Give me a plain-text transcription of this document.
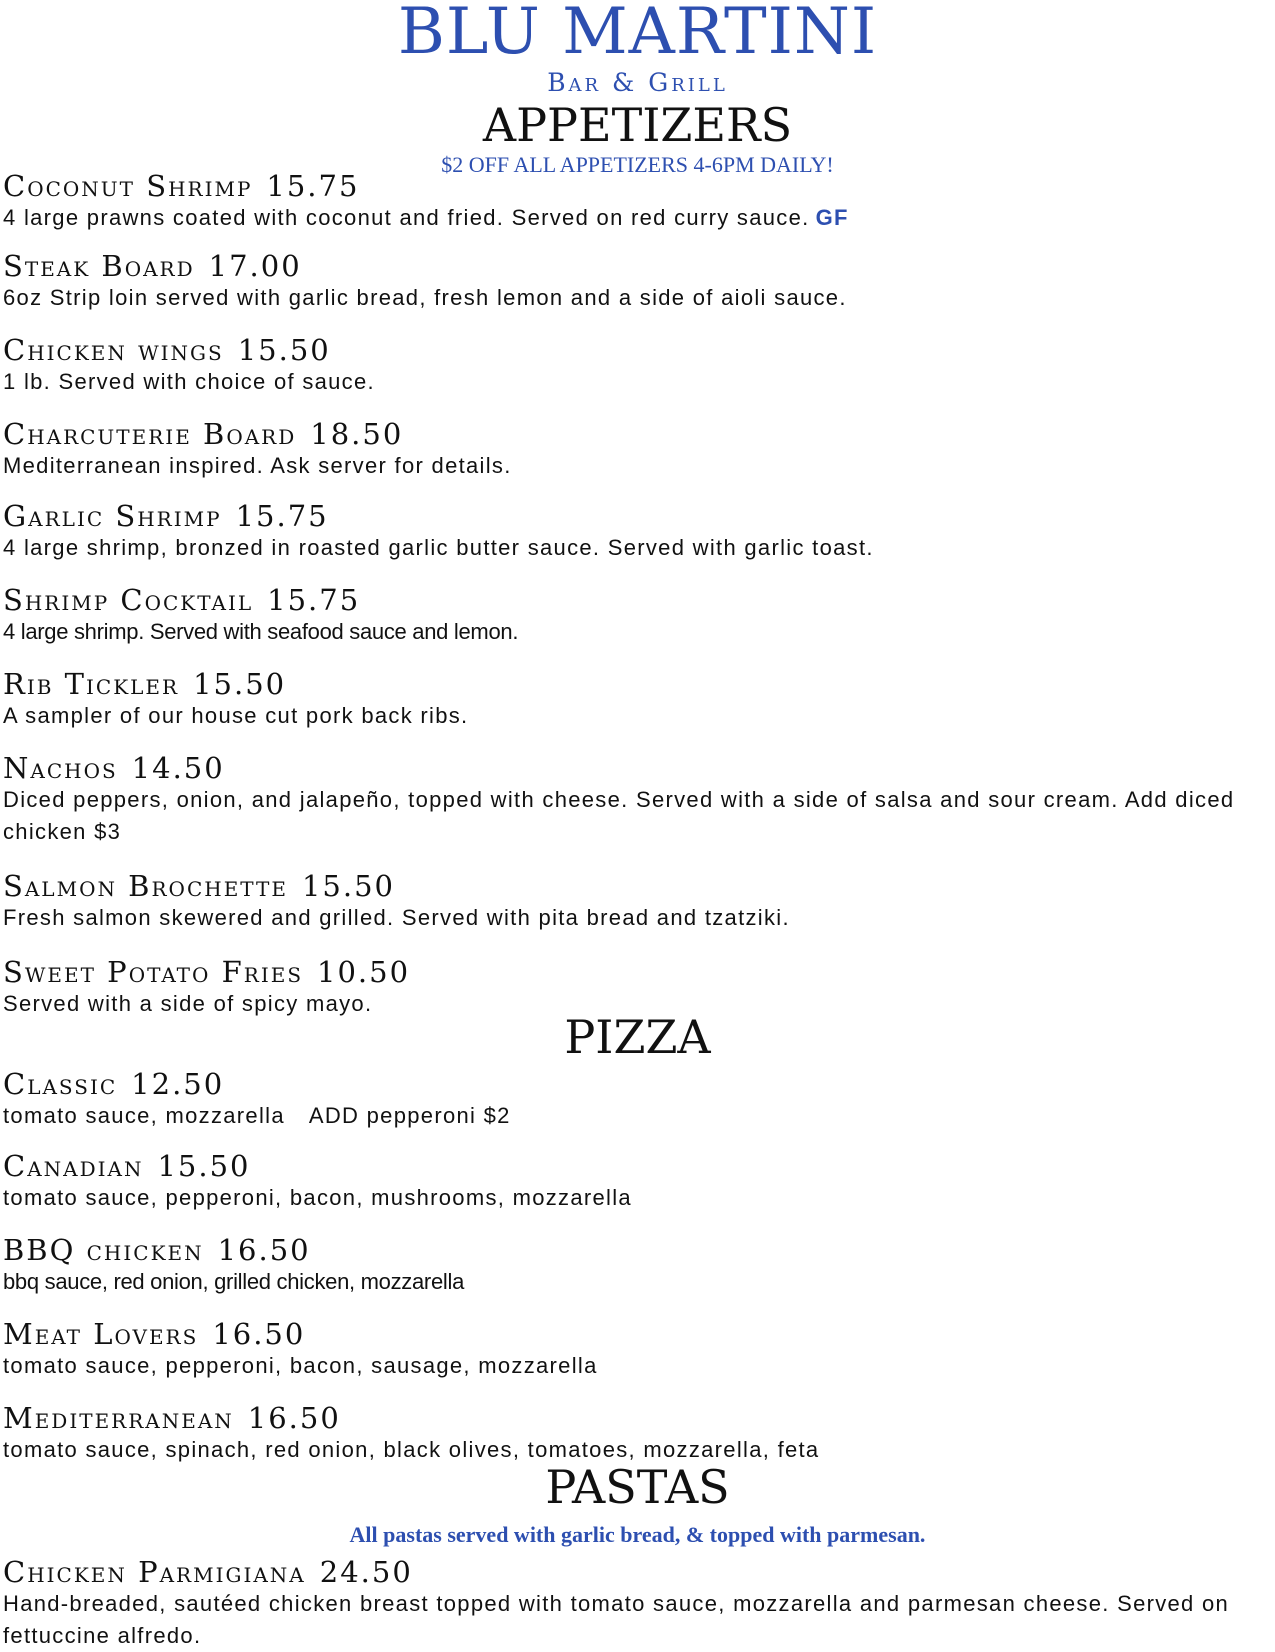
BLU MARTINI
Bar & Grill
APPETIZERS
$2 OFF ALL APPETIZERS 4-6PM DAILY!
Coconut Shrimp 15.75
4 large prawns coated with coconut and fried. Served on red curry sauce. GF
Steak Board 17.00
6oz Strip loin served with garlic bread, fresh lemon and a side of aioli sauce.
Chicken wings 15.50
1 lb. Served with choice of sauce.
Charcuterie Board 18.50
Mediterranean inspired. Ask server for details.
Garlic Shrimp 15.75
4 large shrimp, bronzed in roasted garlic butter sauce. Served with garlic toast.
Shrimp Cocktail 15.75
4 large shrimp. Served with seafood sauce and lemon.
Rib Tickler 15.50
A sampler of our house cut pork back ribs.
Nachos 14.50
Diced peppers, onion, and jalapeño, topped with cheese. Served with a side of salsa and sour cream. Add diced chicken $3
Salmon Brochette 15.50
Fresh salmon skewered and grilled. Served with pita bread and tzatziki.
Sweet Potato Fries 10.50
Served with a side of spicy mayo.
PIZZA
Classic 12.50
tomato sauce, mozzarella ADD pepperoni $2
Canadian 15.50
tomato sauce, pepperoni, bacon, mushrooms, mozzarella
BBQ chicken 16.50
bbq sauce, red onion, grilled chicken, mozzarella
Meat Lovers 16.50
tomato sauce, pepperoni, bacon, sausage, mozzarella
Mediterranean 16.50
tomato sauce, spinach, red onion, black olives, tomatoes, mozzarella, feta
PASTAS
All pastas served with garlic bread, & topped with parmesan.
Chicken Parmigiana 24.50
Hand-breaded, sautéed chicken breast topped with tomato sauce, mozzarella and parmesan cheese. Served on fettuccine alfredo.
